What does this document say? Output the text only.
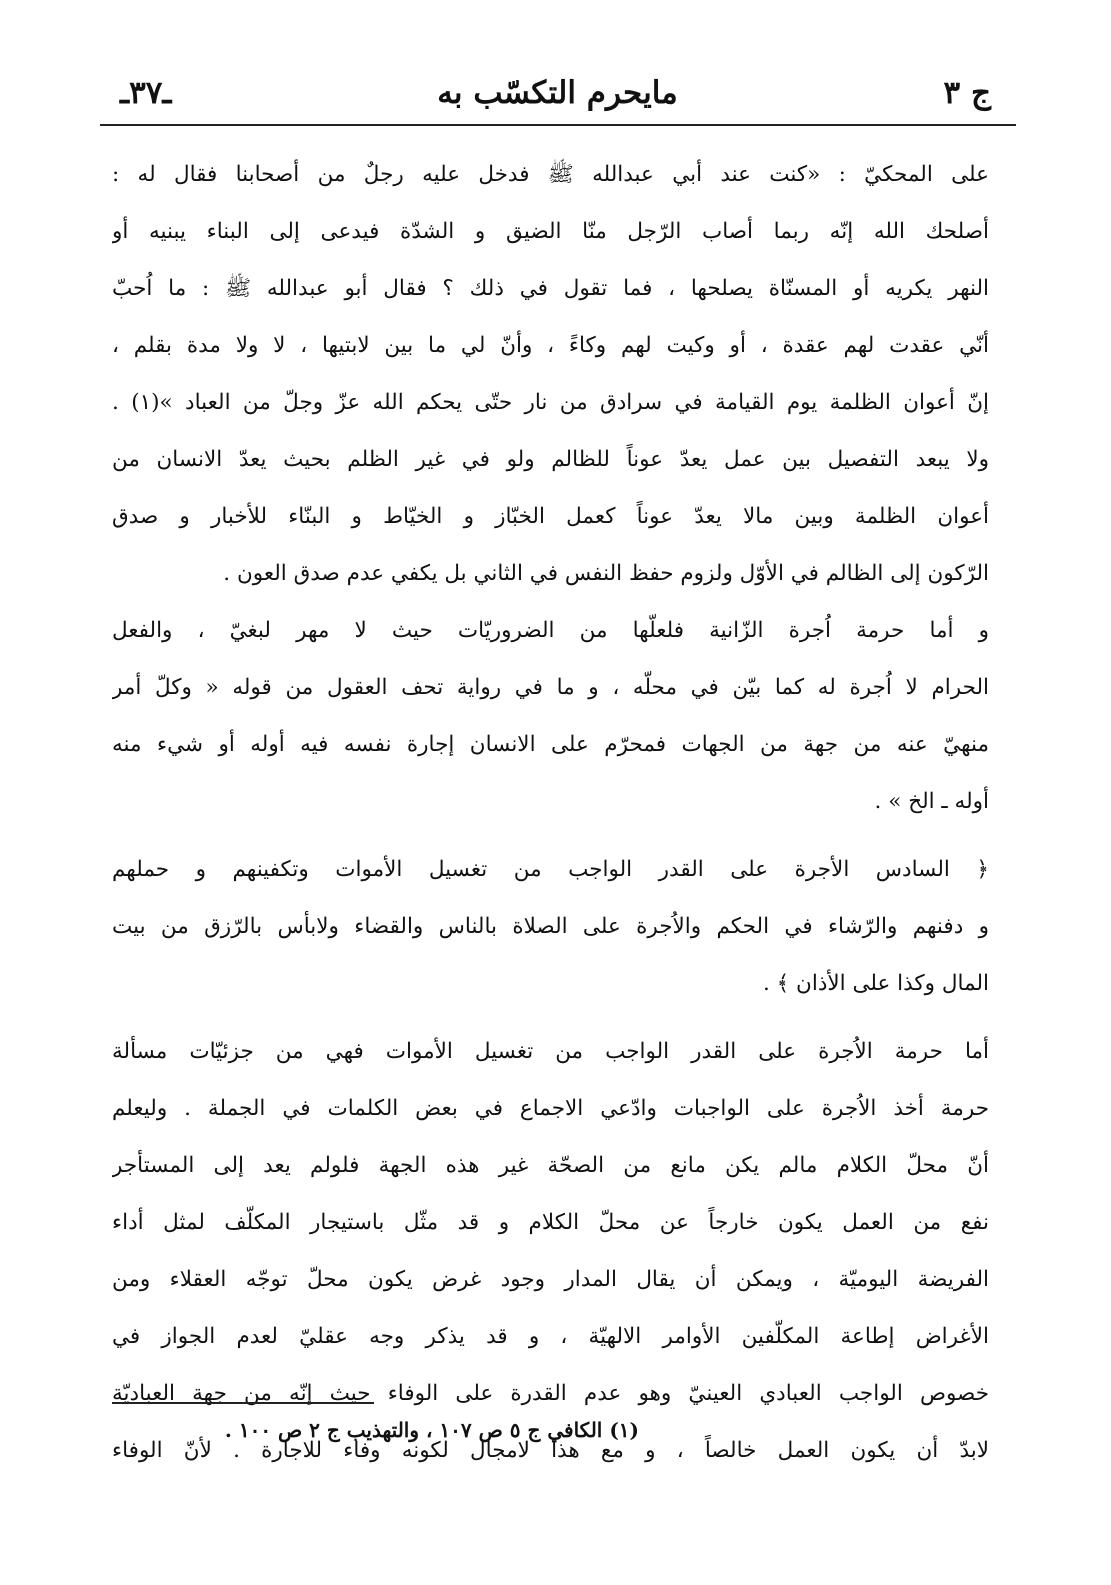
ج ٣
مايحرم التكسّب به
ـ٣٧ـ

على المحكيّ : «كنت عند أبي عبدالله ﷺ فدخل عليه رجلٌ من أصحابنا فقال له :

أصلحك الله إنّه ربما أصاب الرّجل منّا الضيق و الشدّة فيدعى إلى البناء يبنيه أو

النهر يكريه أو المسنّاة يصلحها ، فما تقول في ذلك ؟ فقال أبو عبدالله ﷺ : ما اُحبّ

أنّي عقدت لهم عقدة ، أو وكيت لهم وكاءً ، وأنّ لي ما بين لابتيها ، لا ولا مدة بقلم ،

إنّ أعوان الظلمة يوم القيامة في سرادق من نار حتّى يحكم الله عزّ وجلّ من العباد »(١) .

ولا يبعد التفصيل بين عمل يعدّ عوناً للظالم ولو في غير الظلم بحيث يعدّ الانسان من

أعوان الظلمة وبين مالا يعدّ عوناً كعمل الخبّاز و الخيّاط و البنّاء للأخبار و صدق

الرّكون إلى الظالم في الأوّل ولزوم حفظ النفس في الثاني بل يكفي عدم صدق العون .

و أما حرمة اُجرة الزّانية فلعلّها من الضروريّات حيث لا مهر لبغيّ ، والفعل

الحرام لا اُجرة له كما بيّن في محلّه ، و ما في رواية تحف العقول من قوله « وكلّ أمر

منهيّ عنه من جهة من الجهات فمحرّم على الانسان إجارة نفسه فيه أوله أو شيء منه

أوله ـ الخ » .

﴿ السادس الأجرة على القدر الواجب من تغسيل الأموات وتكفينهم و حملهم

و دفنهم والرّشاء في الحكم والاُجرة على الصلاة بالناس والقضاء ولابأس بالرّزق من بيت

المال وكذا على الأذان ﴾ .

أما حرمة الاُجرة على القدر الواجب من تغسيل الأموات فهي من جزئيّات مسألة

حرمة أخذ الاُجرة على الواجبات وادّعي الاجماع في بعض الكلمات في الجملة . وليعلم

أنّ محلّ الكلام مالم يكن مانع من الصحّة غير هذه الجهة فلولم يعد إلى المستأجر

نفع من العمل يكون خارجاً عن محلّ الكلام و قد مثّل باستيجار المكلّف لمثل أداء

الفريضة اليوميّة ، ويمكن أن يقال المدار وجود غرض يكون محلّ توجّه العقلاء ومن

الأغراض إطاعة المكلّفين الأوامر الالهيّة ، و قد يذكر وجه عقليّ لعدم الجواز في

خصوص الواجب العبادي العينيّ وهو عدم القدرة على الوفاء حيث إنّه من جهة العباديّة

لابدّ أن يكون العمل خالصاً ، و مع هذا لامجال لكونه وفاء للاجارة . لأنّ الوفاء

(١) الكافي ج ٥ ص ١٠٧ ، والتهذيب ج ٢ ص ١٠٠ .
